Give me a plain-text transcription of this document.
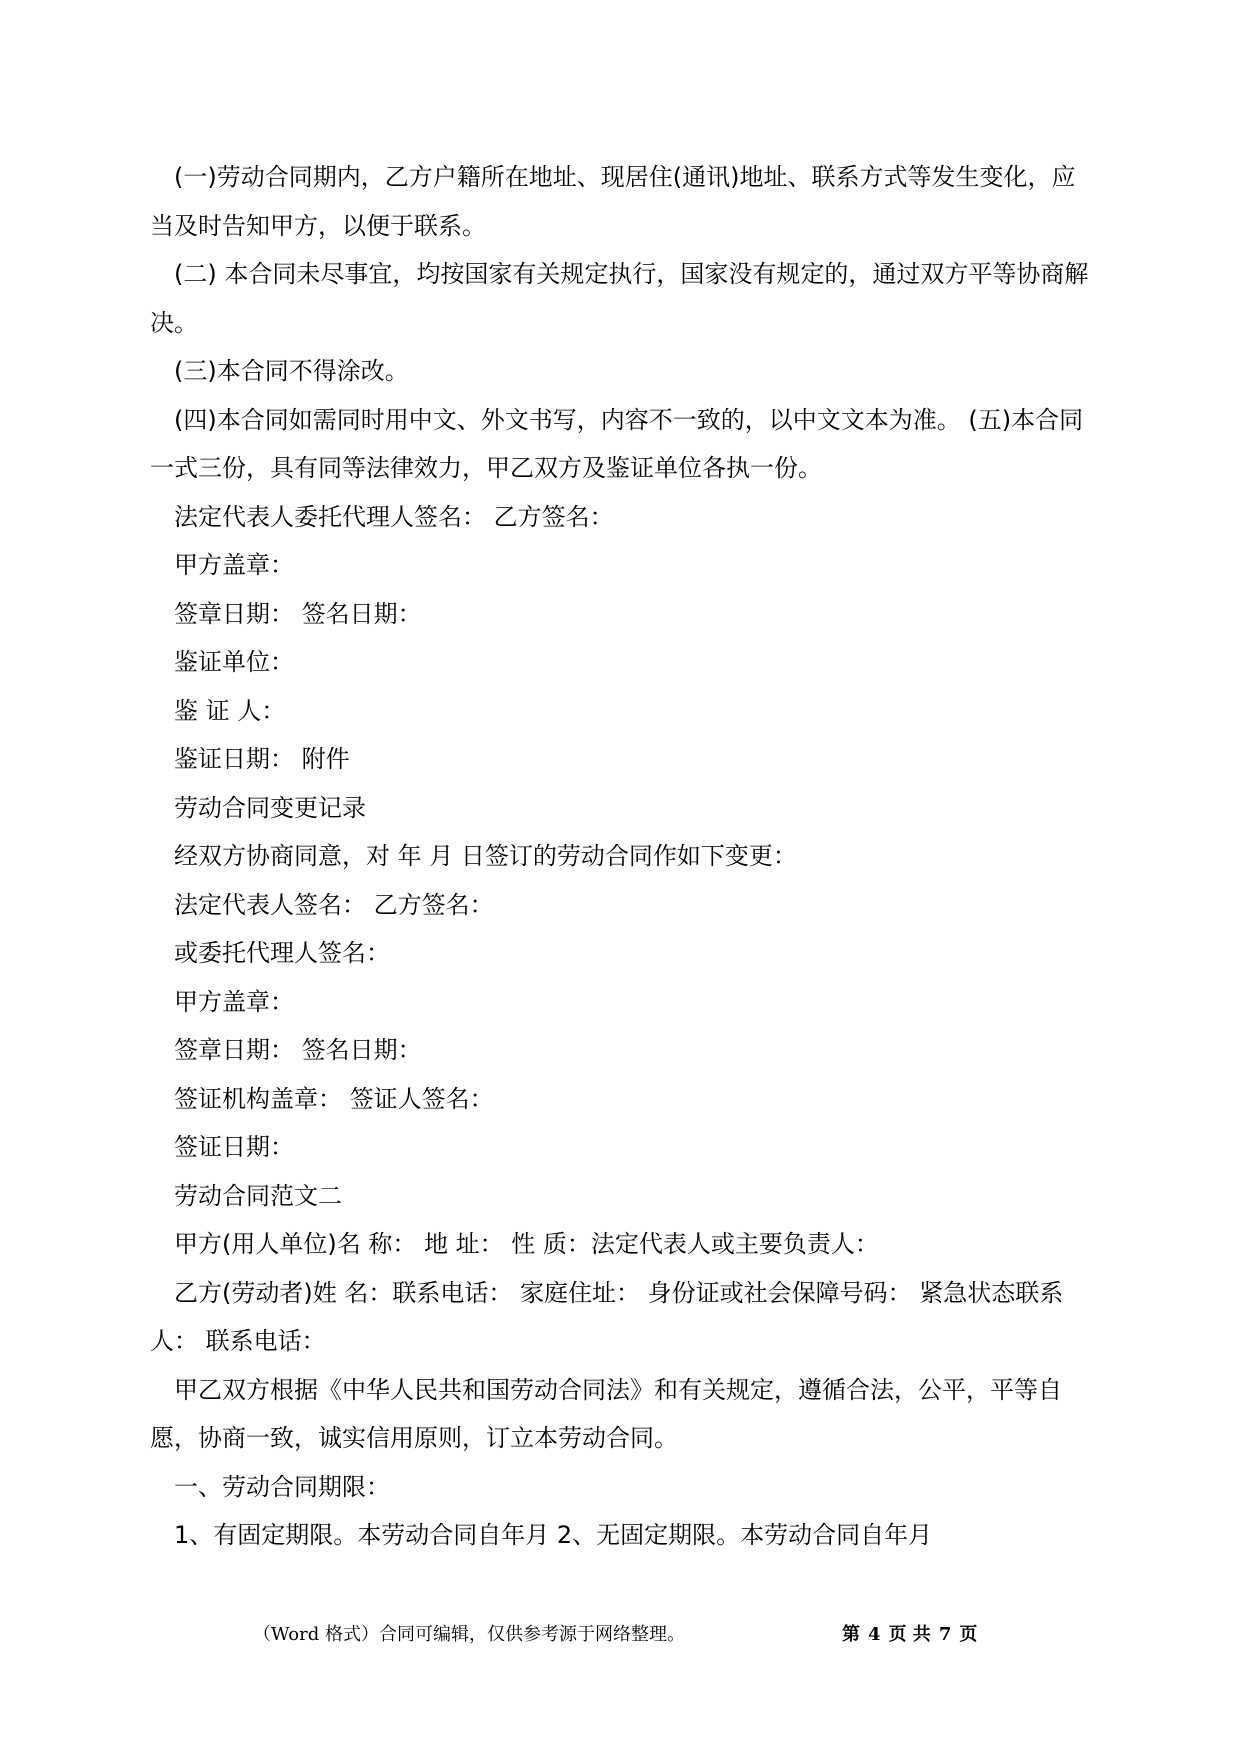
(一)劳动合同期内，乙方户籍所在地址、现居住(通讯)地址、联系方式等发生变化，应当及时告知甲方，以便于联系。

(二) 本合同未尽事宜，均按国家有关规定执行，国家没有规定的，通过双方平等协商解决。

(三)本合同不得涂改。

(四)本合同如需同时用中文、外文书写，内容不一致的，以中文文本为准。 (五)本合同一式三份，具有同等法律效力，甲乙双方及鉴证单位各执一份。

法定代表人委托代理人签名： 乙方签名：

甲方盖章：

签章日期： 签名日期：

鉴证单位：

鉴 证 人：

鉴证日期： 附件

劳动合同变更记录

经双方协商同意，对 年 月 日签订的劳动合同作如下变更：

法定代表人签名： 乙方签名：

或委托代理人签名：

甲方盖章：

签章日期： 签名日期：

签证机构盖章： 签证人签名：

签证日期：

劳动合同范文二

甲方(用人单位)名 称： 地 址： 性 质：法定代表人或主要负责人：

乙方(劳动者)姓 名：联系电话： 家庭住址： 身份证或社会保障号码： 紧急状态联系人： 联系电话：

甲乙双方根据《中华人民共和国劳动合同法》和有关规定，遵循合法，公平，平等自愿，协商一致，诚实信用原则，订立本劳动合同。

一、劳动合同期限：

1、有固定期限。本劳动合同自年月 2、无固定期限。本劳动合同自年月

（Word 格式）合同可编辑，仅供参考源于网络整理。	第 4 页 共 7 页
